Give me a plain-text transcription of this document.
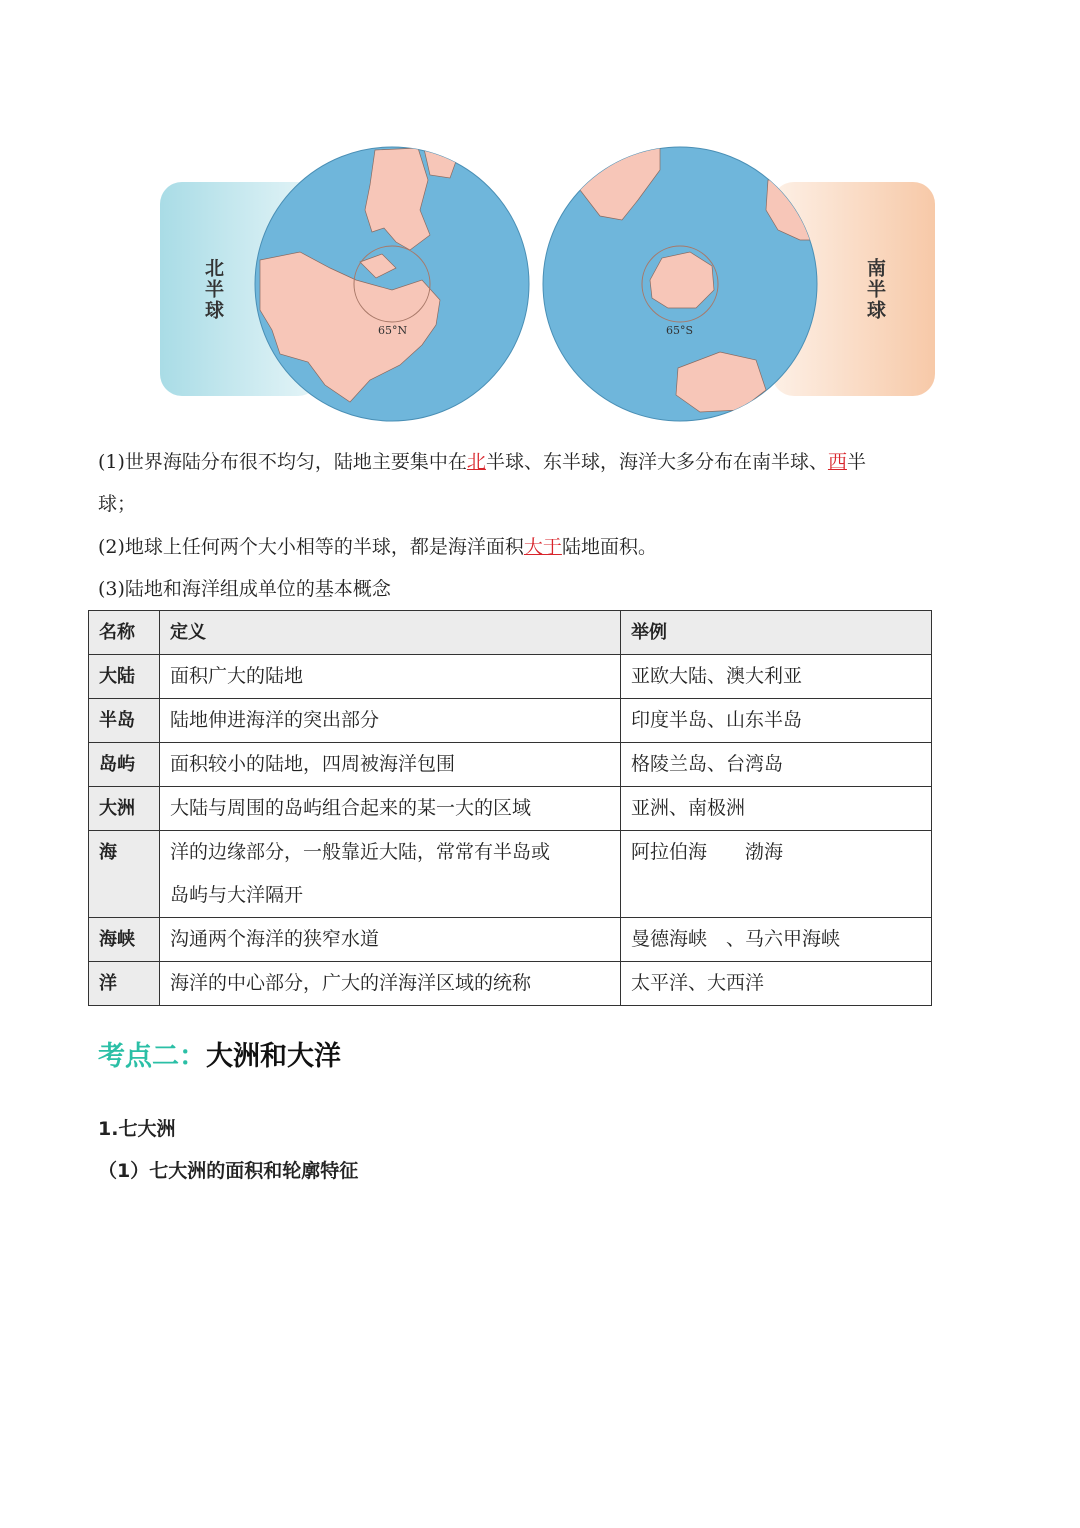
北半球	南半球
65°N	65°S
(1)世界海陆分布很不均匀，陆地主要集中在北半球、东半球，海洋大多分布在南半球、西半
球；
(2)地球上任何两个大小相等的半球，都是海洋面积大于陆地面积。
(3)陆地和海洋组成单位的基本概念
名称	定义	举例
大陆	面积广大的陆地	亚欧大陆、澳大利亚
半岛	陆地伸进海洋的突出部分	印度半岛、山东半岛
岛屿	面积较小的陆地，四周被海洋包围	格陵兰岛、台湾岛
大洲	大陆与周围的岛屿组合起来的某一大的区域	亚洲、南极洲
海	洋的边缘部分，一般靠近大陆，常常有半岛或
岛屿与大洋隔开	阿拉伯海　　渤海
海峡	沟通两个海洋的狭窄水道	曼德海峡　、马六甲海峡
洋	海洋的中心部分，广大的洋海洋区域的统称	太平洋、大西洋
考点二：大洲和大洋
1.七大洲
（1）七大洲的面积和轮廓特征
